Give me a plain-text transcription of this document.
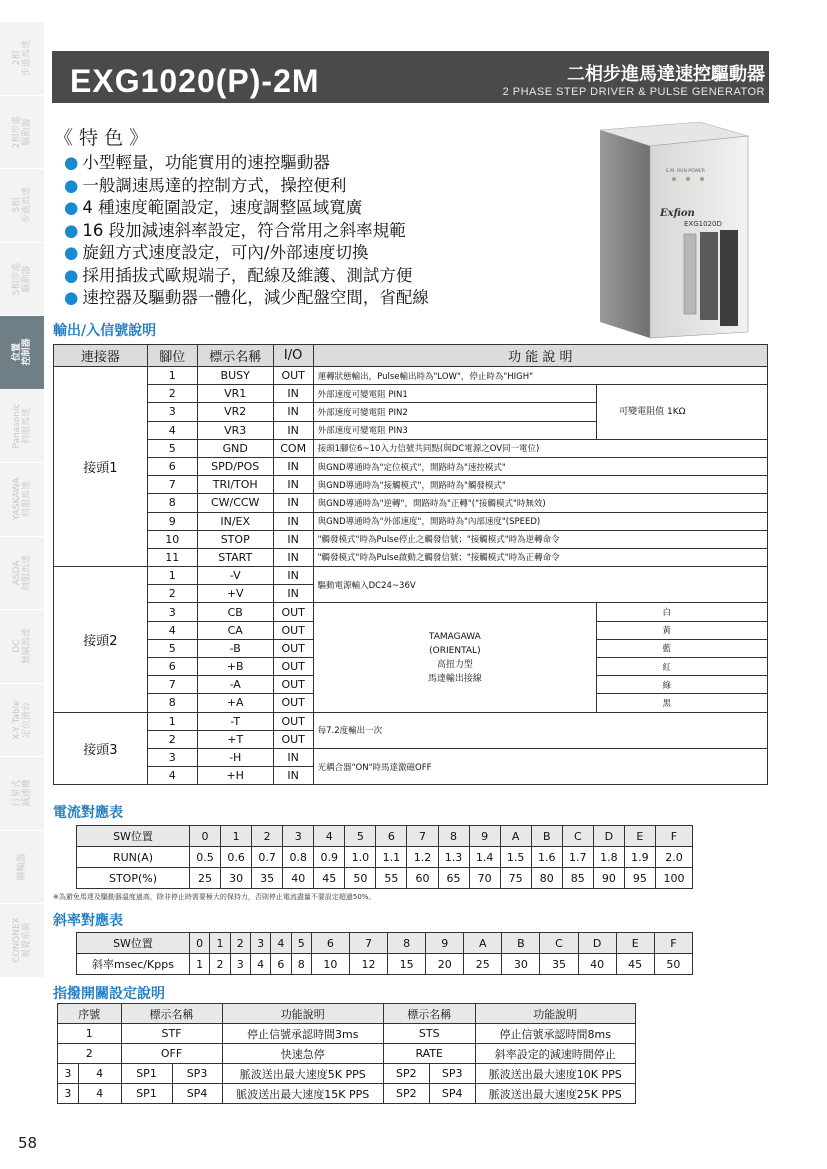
2相
步進馬達
2相步進
驅動器
5相
步進馬達
5相步進
驅動器
位置
控制器
Panasonic
伺服馬達
YASKAWA
伺服馬達
ASDA
伺服馬達
DC
無刷馬達
X-Y Table
定位滑台
行星式
減速機
聯軸器
CONGNEX
視覺系統
58
EXG1020(P)-2M	二相步進馬達速控驅動器
2 PHASE STEP DRIVER & PULSE GENERATOR
《 特 色 》
● 小型輕量，功能實用的速控驅動器
● 一般調速馬達的控制方式，操控便利
● 4 種速度範圍設定，速度調整區域寬廣
● 16 段加減速斜率設定，符合常用之斜率規範
● 旋鈕方式速度設定，可內/外部速度切換
● 採用插拔式歐規端子，配線及維護、測試方便
● 速控器及驅動器一體化，減少配盤空間，省配線
E.M. RUN POWER
Exfion
EXG1020D
輸出/入信號說明
連接器	腳位	標示名稱	I/O	功 能 說 明	
接頭1	1	BUSY	OUT	運轉狀態輸出，Pulse輸出時為"LOW"，停止時為"HIGH"	
	2	VR1	IN	外部速度可變電阻 PIN1	可變電阻值 1KΩ
	3	VR2	IN	外部速度可變電阻 PIN2	
	4	VR3	IN	外部速度可變電阻 PIN3	
	5	GND	COM	接頭1腳位6~10入力信號共同點(與DC電源之OV同一電位)	
	6	SPD/POS	IN	與GND導通時為"定位模式"，開路時為"速控模式"	
	7	TRI/TOH	IN	與GND導通時為"接觸模式"，開路時為"觸發模式"	
	8	CW/CCW	IN	與GND導通時為"逆轉"，開路時為"正轉"("接觸模式"時無效)	
	9	IN/EX	IN	與GND導通時為"外部速度"，開路時為"內部速度"(SPEED)	
	10	STOP	IN	"觸發模式"時為Pulse停止之觸發信號；"接觸模式"時為逆轉命令	
	11	START	IN	"觸發模式"時為Pulse啟動之觸發信號；"接觸模式"時為正轉命令	
接頭2	1	-V	IN	驅動電源輸入DC24~36V	
	2	+V	IN		
	3	CB	OUT	TAMAGAWA
(ORIENTAL)
高扭力型
馬達輸出接線	白
	4	CA	OUT		黃
	5	-B	OUT		藍
	6	+B	OUT		紅
	7	-A	OUT		綠
	8	+A	OUT		黑
接頭3	1	-T	OUT	每7.2度輸出一次	
	2	+T	OUT		
	3	-H	IN	光耦合器"ON"時馬達激磁OFF	
	4	+H	IN		
電流對應表
SW位置	0	1	2	3	4	5	6	7	8	9	A	B	C	D	E	F
RUN(A)	0.5	0.6	0.7	0.8	0.9	1.0	1.1	1.2	1.3	1.4	1.5	1.6	1.7	1.8	1.9	2.0
STOP(%)	25	30	35	40	45	50	55	60	65	70	75	80	85	90	95	100
※為避免馬達及驅動器溫度過高，除非停止時需要極大的保持力，否則停止電流盡量不要設定超過50%。
斜率對應表
SW位置	0	1	2	3	4	5	6	7	8	9	A	B	C	D	E	F
斜率msec/Kpps	1	2	3	4	6	8	10	12	15	20	25	30	35	40	45	50
指撥開關設定說明
序號		標示名稱		功能說明	標示名稱		功能說明
1		STF		停止信號承認時間3ms	STS		停止信號承認時間8ms
2		OFF		快速急停	RATE		斜率設定的減速時間停止
3	4	SP1	SP3	脈波送出最大速度5K PPS	SP2	SP3	脈波送出最大速度10K PPS
3	4	SP1	SP4	脈波送出最大速度15K PPS	SP2	SP4	脈波送出最大速度25K PPS
